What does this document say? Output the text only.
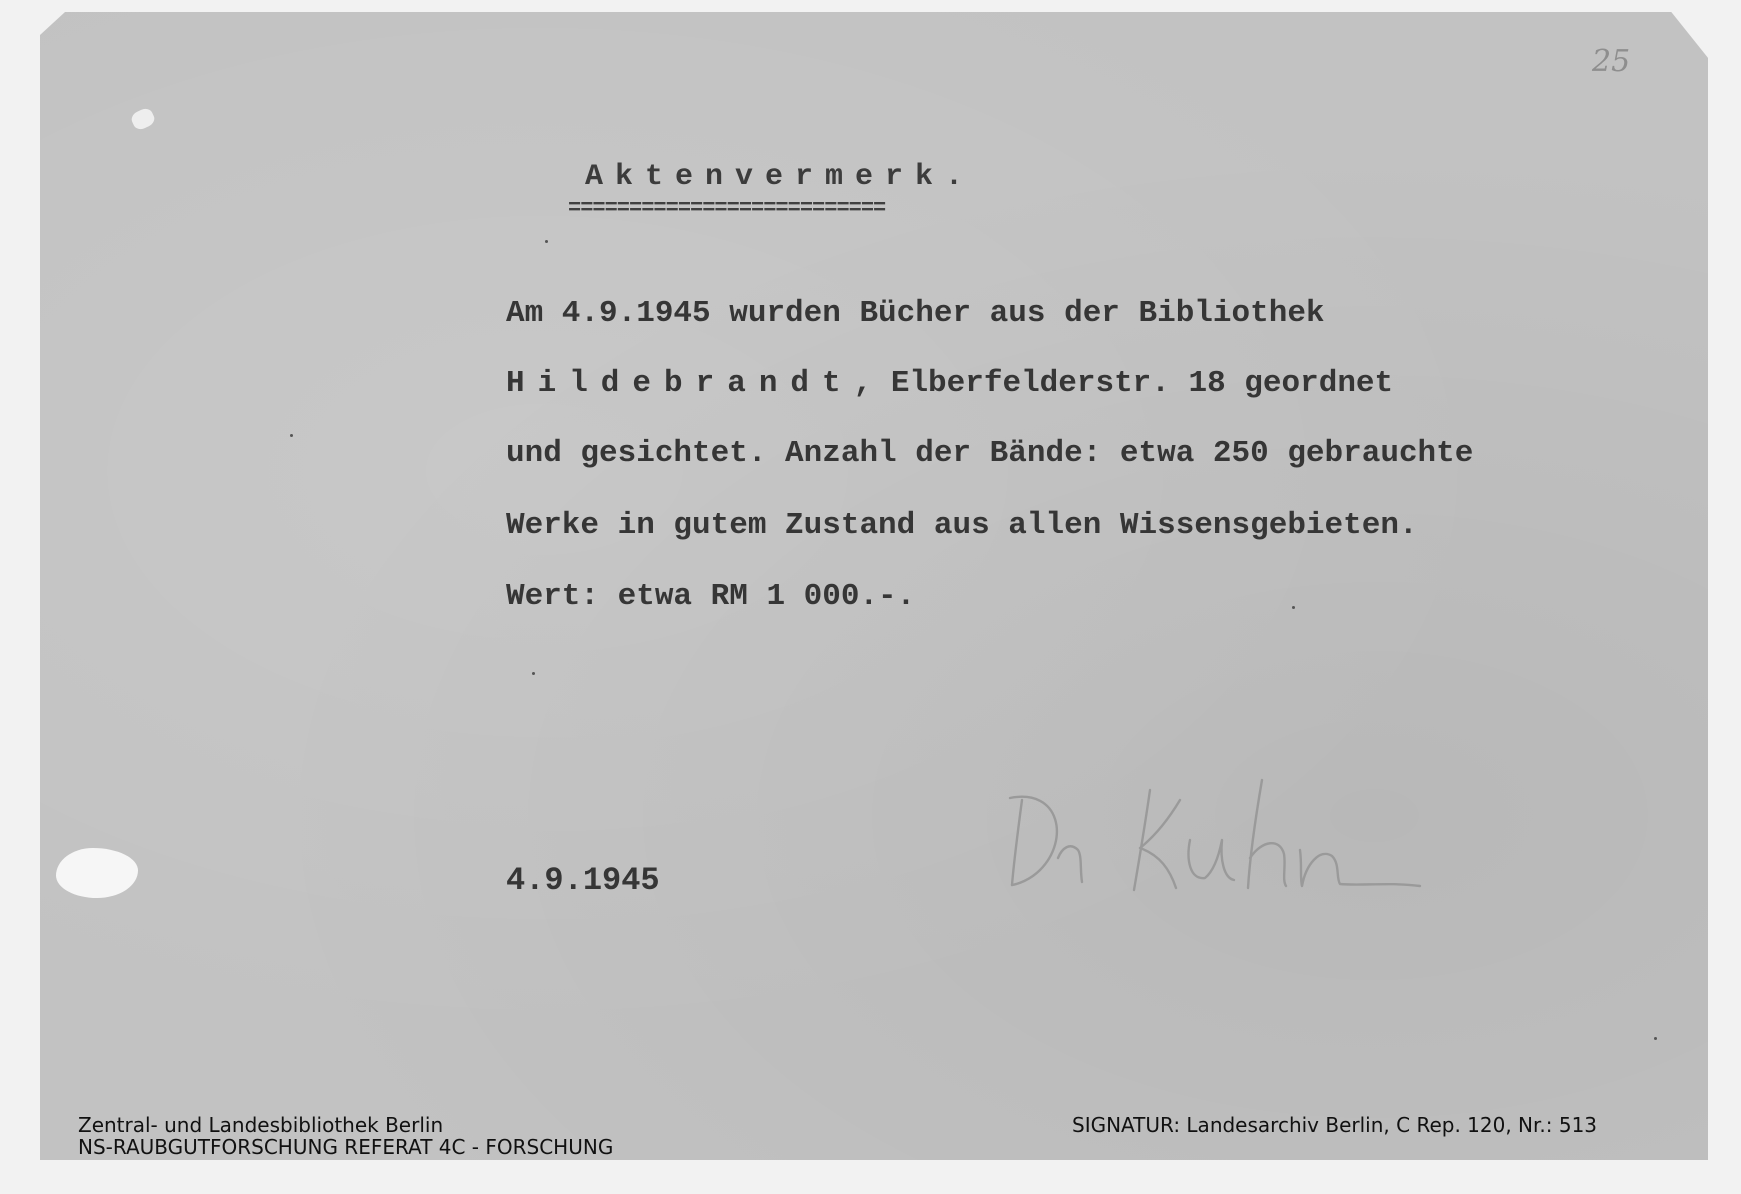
25
Aktenvermerk.
==========================
Am 4.9.1945 wurden Bücher aus der Bibliothek
Hildebrandt, Elberfelderstr. 18 geordnet
und gesichtet. Anzahl der Bände: etwa 250 gebrauchte
Werke in gutem Zustand aus allen Wissensgebieten.
Wert: etwa RM 1 000.-.
4.9.1945
Zentral- und Landesbibliothek Berlin
NS-RAUBGUTFORSCHUNG REFERAT 4C - FORSCHUNG
SIGNATUR: Landesarchiv Berlin, C Rep. 120, Nr.: 513
